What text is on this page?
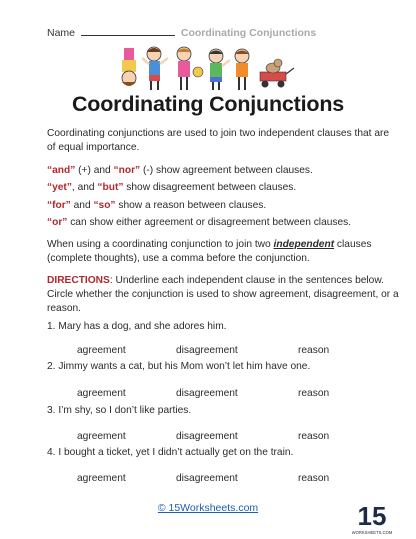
Name	Coordinating Conjunctions
Coordinating Conjunctions
Coordinating conjunctions are used to join two independent clauses that are of equal importance.

“and” (+) and “nor” (-) show agreement between clauses.

“yet”, and “but” show disagreement between clauses.

“for” and “so” show a reason between clauses.

“or” can show either agreement or disagreement between clauses.

When using a coordinating conjunction to join two independent clauses (complete thoughts), use a comma before the conjunction.
DIRECTIONS: Underline each independent clause in the sentences below. Circle whether the conjunction is used to show agreement, disagreement, or a reason.
1. Mary has a dog, and she adores him.
agreement	disagreement	reason
2. Jimmy wants a cat, but his Mom won’t let him have one.
agreement	disagreement	reason
3. I’m shy, so I don’t like parties.
agreement	disagreement	reason
4. I bought a ticket, yet I didn’t actually get on the train.
agreement	disagreement	reason
© 15Worksheets.com	15
WORKSHEETS.COM
